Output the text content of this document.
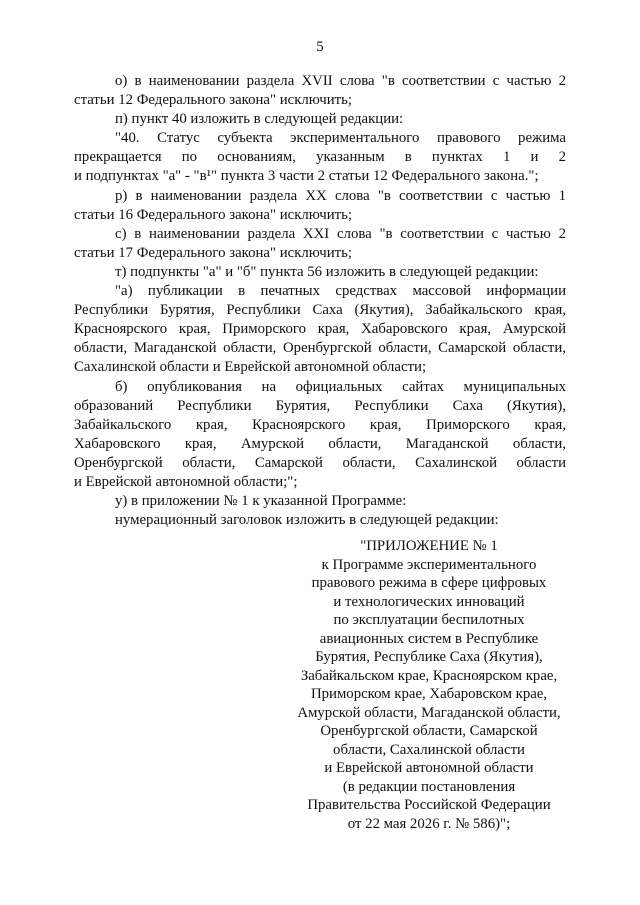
5
о) в наименовании раздела XVII слова "в соответствии с частью 2
статьи 12 Федерального закона" исключить;
п) пункт 40 изложить в следующей редакции:
"40. Статус субъекта экспериментального правового режима
прекращается по основаниям, указанным в пунктах 1 и 2
и подпунктах "а" - "в¹" пункта 3 части 2 статьи 12 Федерального закона.";
р) в наименовании раздела XX слова "в соответствии с частью 1
статьи 16 Федерального закона" исключить;
с) в наименовании раздела XXI слова "в соответствии с частью 2
статьи 17 Федерального закона" исключить;
т) подпункты "а" и "б" пункта 56 изложить в следующей редакции:
"а) публикации в печатных средствах массовой информации
Республики Бурятия, Республики Саха (Якутия), Забайкальского края,
Красноярского края, Приморского края, Хабаровского края, Амурской
области, Магаданской области, Оренбургской области, Самарской области,
Сахалинской области и Еврейской автономной области;
б) опубликования на официальных сайтах муниципальных
образований Республики Бурятия, Республики Саха (Якутия),
Забайкальского края, Красноярского края, Приморского края,
Хабаровского края, Амурской области, Магаданской области,
Оренбургской области, Самарской области, Сахалинской области
и Еврейской автономной области;";
у) в приложении № 1 к указанной Программе:
нумерационный заголовок изложить в следующей редакции:
"ПРИЛОЖЕНИЕ № 1
к Программе экспериментального
правового режима в сфере цифровых
и технологических инноваций
по эксплуатации беспилотных
авиационных систем в Республике
Бурятия, Республике Саха (Якутия),
Забайкальском крае, Красноярском крае,
Приморском крае, Хабаровском крае,
Амурской области, Магаданской области,
Оренбургской области, Самарской
области, Сахалинской области
и Еврейской автономной области
(в редакции постановления
Правительства Российской Федерации
от 22 мая 2026 г. № 586)";
